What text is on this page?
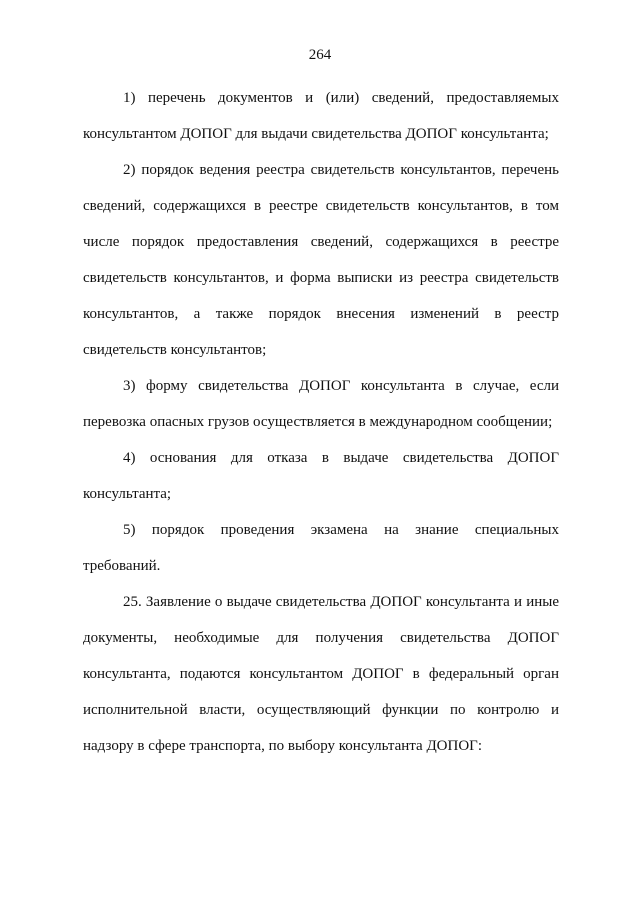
264

1) перечень документов и (или) сведений, предоставляемых консультантом ДОПОГ для выдачи свидетельства ДОПОГ консультанта;

2) порядок ведения реестра свидетельств консультантов, перечень сведений, содержащихся в реестре свидетельств консультантов, в том числе порядок предоставления сведений, содержащихся в реестре свидетельств консультантов, и форма выписки из реестра свидетельств консультантов, а также порядок внесения изменений в реестр свидетельств консультантов;

3) форму свидетельства ДОПОГ консультанта в случае, если перевозка опасных грузов осуществляется в международном сообщении;

4) основания для отказа в выдаче свидетельства ДОПОГ консультанта;

5) порядок проведения экзамена на знание специальных требований.

25. Заявление о выдаче свидетельства ДОПОГ консультанта и иные документы, необходимые для получения свидетельства ДОПОГ консультанта, подаются консультантом ДОПОГ в федеральный орган исполнительной власти, осуществляющий функции по контролю и надзору в сфере транспорта, по выбору консультанта ДОПОГ:
